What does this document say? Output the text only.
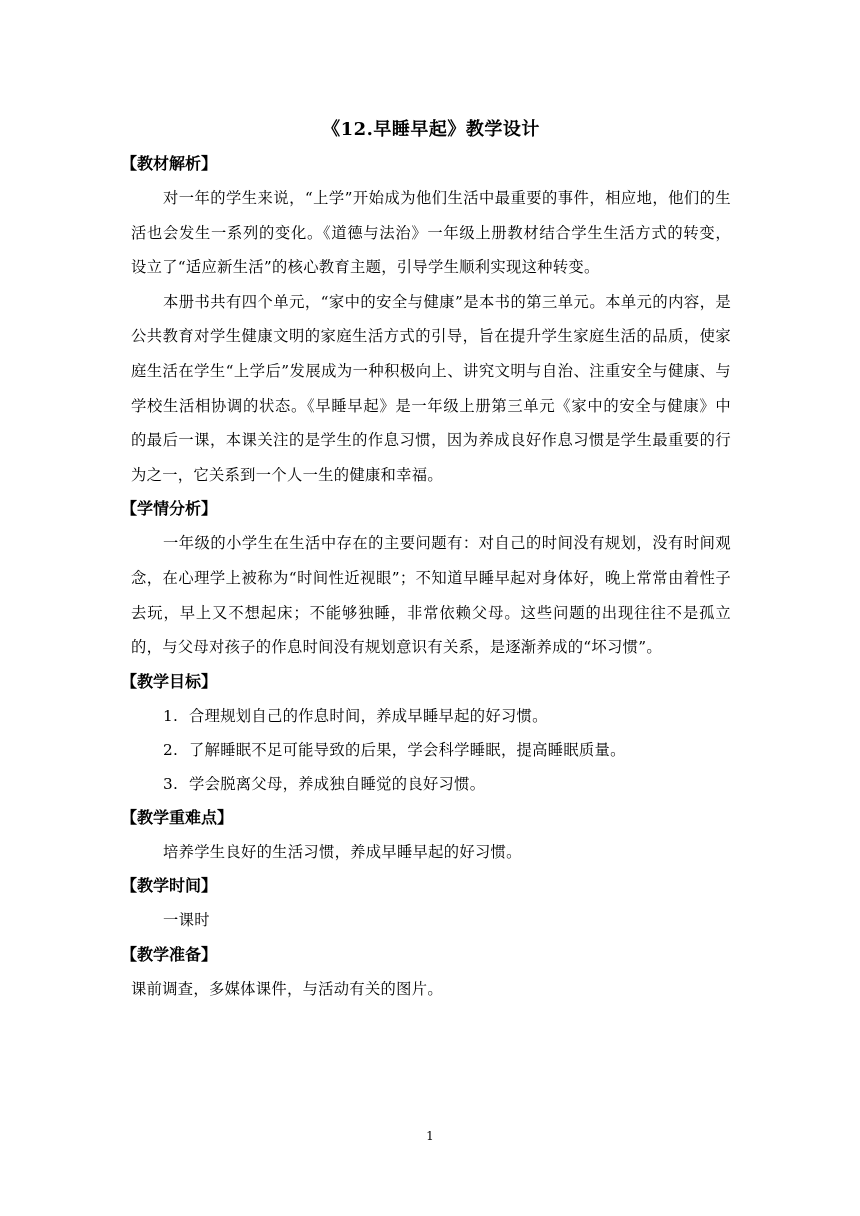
《12.早睡早起》教学设计
【教材解析】

对一年的学生来说，“上学”开始成为他们生活中最重要的事件，相应地，他们的生活也会发生一系列的变化。《道德与法治》一年级上册教材结合学生生活方式的转变，设立了“适应新生活”的核心教育主题，引导学生顺利实现这种转变。

本册书共有四个单元，“家中的安全与健康”是本书的第三单元。本单元的内容，是公共教育对学生健康文明的家庭生活方式的引导，旨在提升学生家庭生活的品质，使家庭生活在学生“上学后”发展成为一种积极向上、讲究文明与自治、注重安全与健康、与学校生活相协调的状态。《早睡早起》是一年级上册第三单元《家中的安全与健康》中的最后一课，本课关注的是学生的作息习惯，因为养成良好作息习惯是学生最重要的行为之一，它关系到一个人一生的健康和幸福。

【学情分析】

一年级的小学生在生活中存在的主要问题有：对自己的时间没有规划，没有时间观念，在心理学上被称为“时间性近视眼”；不知道早睡早起对身体好，晚上常常由着性子去玩，早上又不想起床；不能够独睡，非常依赖父母。这些问题的出现往往不是孤立的，与父母对孩子的作息时间没有规划意识有关系，是逐渐养成的“坏习惯”。

【教学目标】
1. 合理规划自己的作息时间，养成早睡早起的好习惯。
2. 了解睡眠不足可能导致的后果，学会科学睡眠，提高睡眠质量。
3. 学会脱离父母，养成独自睡觉的良好习惯。
【教学重难点】

培养学生良好的生活习惯，养成早睡早起的好习惯。

【教学时间】

一课时

【教学准备】

课前调查，多媒体课件，与活动有关的图片。

1
